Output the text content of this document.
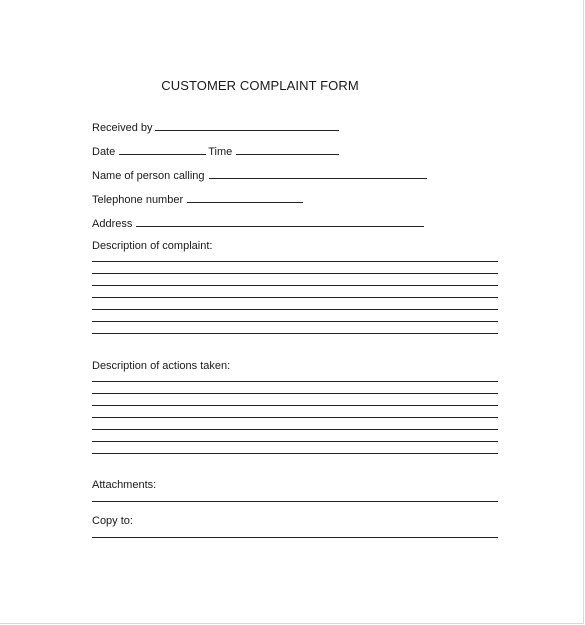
CUSTOMER COMPLAINT FORM
Received by
Date	Time
Name of person calling
Telephone number
Address
Description of complaint:
Description of actions taken:
Attachments:
Copy to:
